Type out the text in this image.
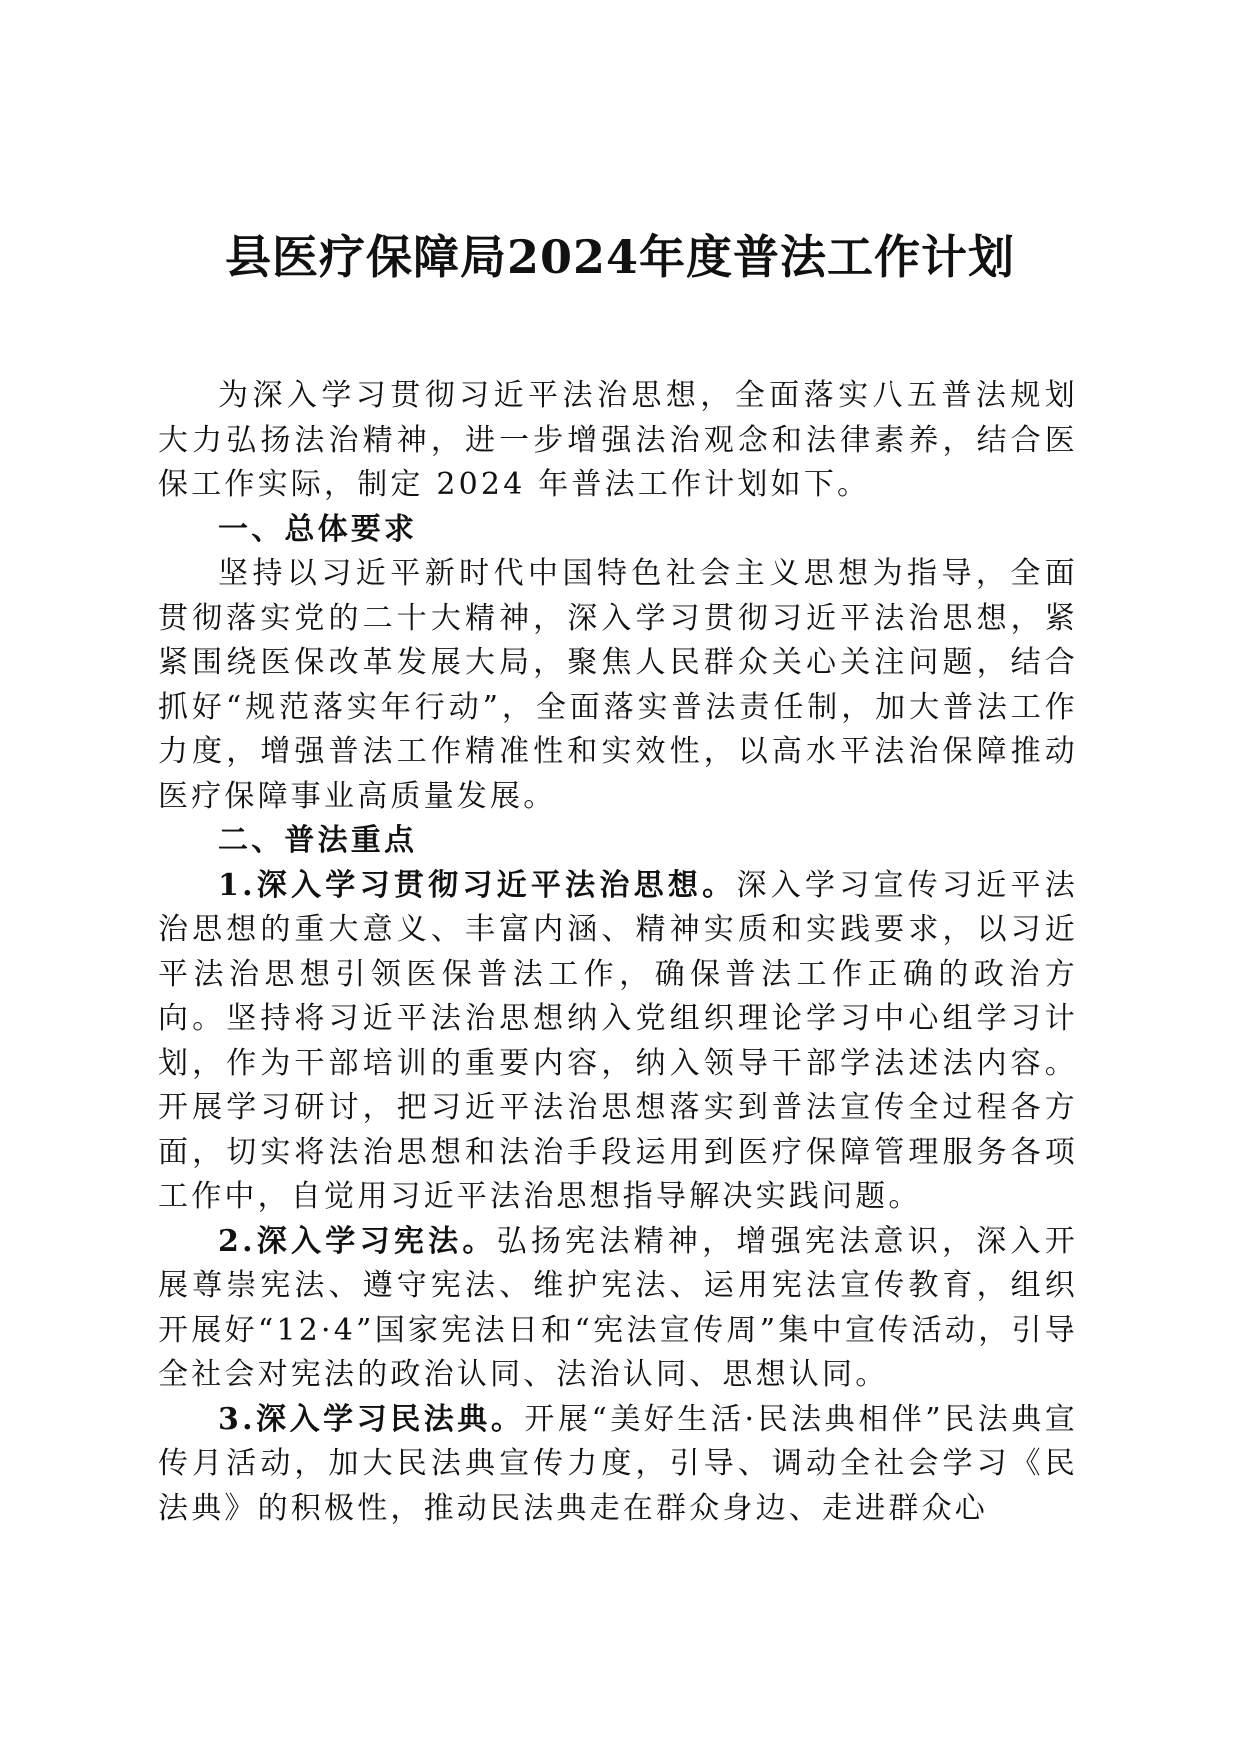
县医疗保障局2024年度普法工作计划

为深入学习贯彻习近平法治思想，全面落实八五普法规划大力弘扬法治精神，进一步增强法治观念和法律素养，结合医保工作实际，制定 2024 年普法工作计划如下。

一、总体要求

坚持以习近平新时代中国特色社会主义思想为指导，全面贯彻落实党的二十大精神，深入学习贯彻习近平法治思想，紧紧围绕医保改革发展大局，聚焦人民群众关心关注问题，结合抓好“规范落实年行动”，全面落实普法责任制，加大普法工作力度，增强普法工作精准性和实效性，以高水平法治保障推动医疗保障事业高质量发展。

二、普法重点

1.深入学习贯彻习近平法治思想。深入学习宣传习近平法治思想的重大意义、丰富内涵、精神实质和实践要求，以习近平法治思想引领医保普法工作，确保普法工作正确的政治方向。坚持将习近平法治思想纳入党组织理论学习中心组学习计划，作为干部培训的重要内容，纳入领导干部学法述法内容。开展学习研讨，把习近平法治思想落实到普法宣传全过程各方面，切实将法治思想和法治手段运用到医疗保障管理服务各项工作中，自觉用习近平法治思想指导解决实践问题。

2.深入学习宪法。弘扬宪法精神，增强宪法意识，深入开展尊崇宪法、遵守宪法、维护宪法、运用宪法宣传教育，组织开展好“12·4”国家宪法日和“宪法宣传周”集中宣传活动，引导全社会对宪法的政治认同、法治认同、思想认同。

3.深入学习民法典。开展“美好生活·民法典相伴”民法典宣传月活动，加大民法典宣传力度，引导、调动全社会学习《民法典》的积极性，推动民法典走在群众身边、走进群众心
